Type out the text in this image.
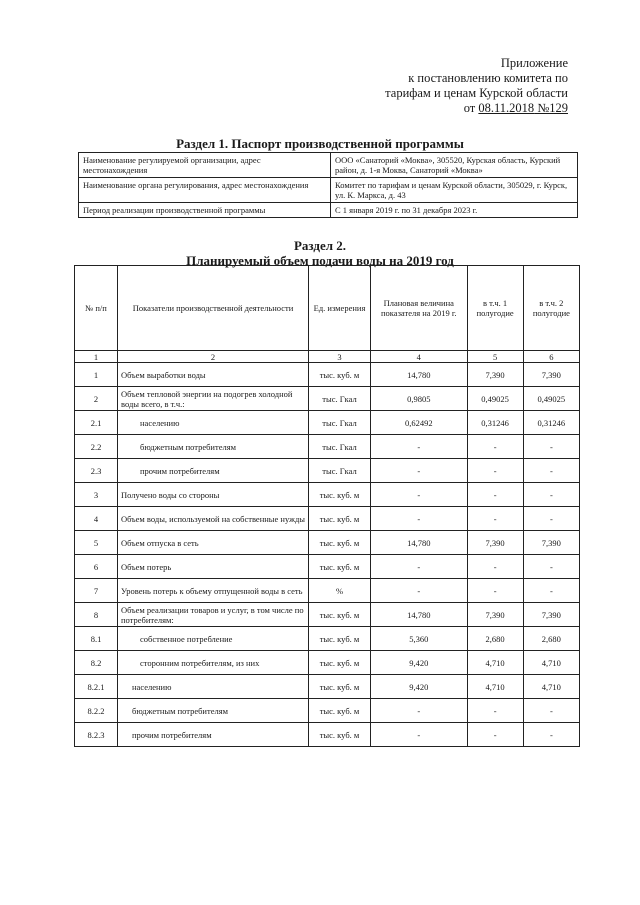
Приложение
к постановлению комитета по
тарифам и ценам Курской области
от 08.11.2018 №129
Раздел 1. Паспорт производственной программы
Наименование регулируемой организации, адрес местонахождения	ООО «Санаторий «Моква», 305520, Курская область, Курский район, д. 1-я Моква, Санаторий «Моква»
Наименование органа регулирования, адрес местонахождения	Комитет по тарифам и ценам Курской области, 305029, г. Курск, ул. К. Маркса, д. 43
Период реализации производственной программы	С 1 января 2019 г. по 31 декабря 2023 г.
Раздел 2.
Планируемый объем подачи воды на 2019 год
№ п/п	Показатели производственной деятельности	Ед. измерения	Плановая величина показателя на 2019 г.	в т.ч. 1 полугодие	в т.ч. 2 полугодие
1	2	3	4	5	6
1	Объем выработки воды	тыс. куб. м	14,780	7,390	7,390
2	Объем тепловой энергии на подогрев холодной воды всего, в т.ч.:	тыс. Гкал	0,9805	0,49025	0,49025
2.1	населению	тыс. Гкал	0,62492	0,31246	0,31246
2.2	бюджетным потребителям	тыс. Гкал	-	-	-
2.3	прочим потребителям	тыс. Гкал	-	-	-
3	Получено воды со стороны	тыс. куб. м	-	-	-
4	Объем воды, используемой на собственные нужды	тыс. куб. м	-	-	-
5	Объем отпуска в сеть	тыс. куб. м	14,780	7,390	7,390
6	Объем потерь	тыс. куб. м	-	-	-
7	Уровень потерь к объему отпущенной воды в сеть	%	-	-	-
8	Объем реализации товаров и услуг, в том числе по потребителям:	тыс. куб. м	14,780	7,390	7,390
8.1	собственное потребление	тыс. куб. м	5,360	2,680	2,680
8.2	сторонним потребителям, из них	тыс. куб. м	9,420	4,710	4,710
8.2.1	населению	тыс. куб. м	9,420	4,710	4,710
8.2.2	бюджетным потребителям	тыс. куб. м	-	-	-
8.2.3	прочим потребителям	тыс. куб. м	-	-	-
